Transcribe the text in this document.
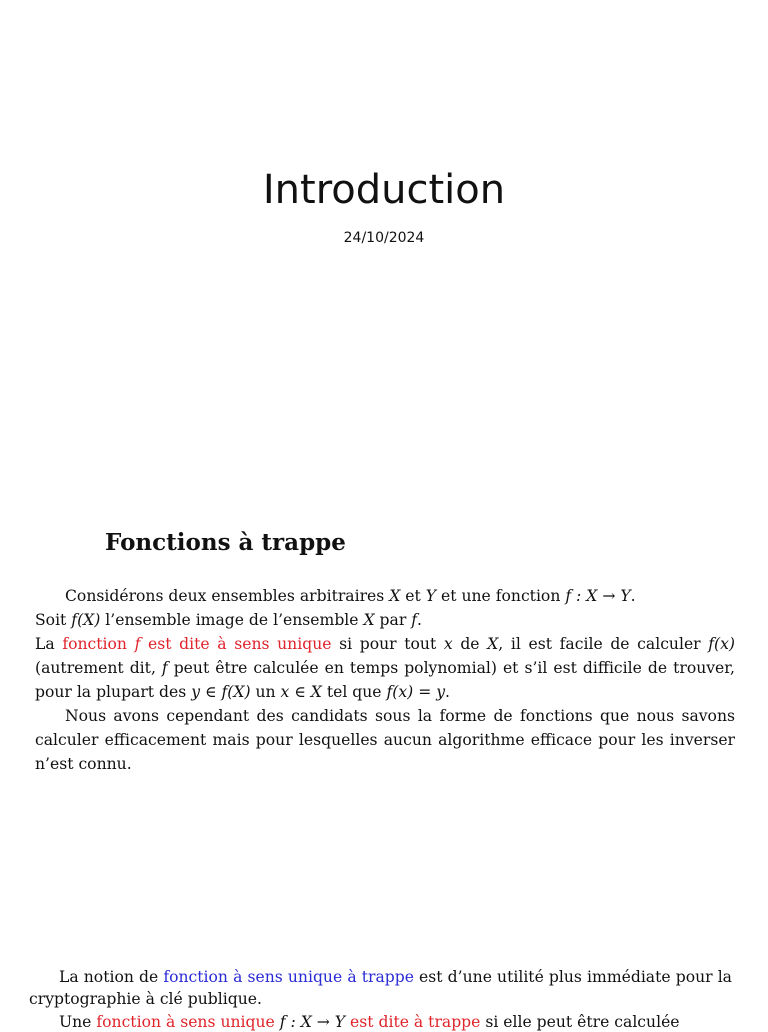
Introduction
24/10/2024
Fonctions à trappe

Considérons deux ensembles arbitraires X et Y et une fonction f : X → Y.

Soit f(X) l’ensemble image de l’ensemble X par f.

La fonction f est dite à sens unique si pour tout x de X, il est facile de calculer f(x) (autrement dit, f peut être calculée en temps polynomial) et s’il est difficile de trouver, pour la plupart des y ∈ f(X) un x ∈ X tel que f(x) = y.

Nous avons cependant des candidats sous la forme de fonctions que nous savons calculer efficacement mais pour lesquelles aucun algorithme efficace pour les inverser n’est connu.

La notion de fonction à sens unique à trappe est d’une utilité plus immédiate pour la cryptographie à clé publique.

Une fonction à sens unique f : X → Y est dite à trappe si elle peut être calculée
